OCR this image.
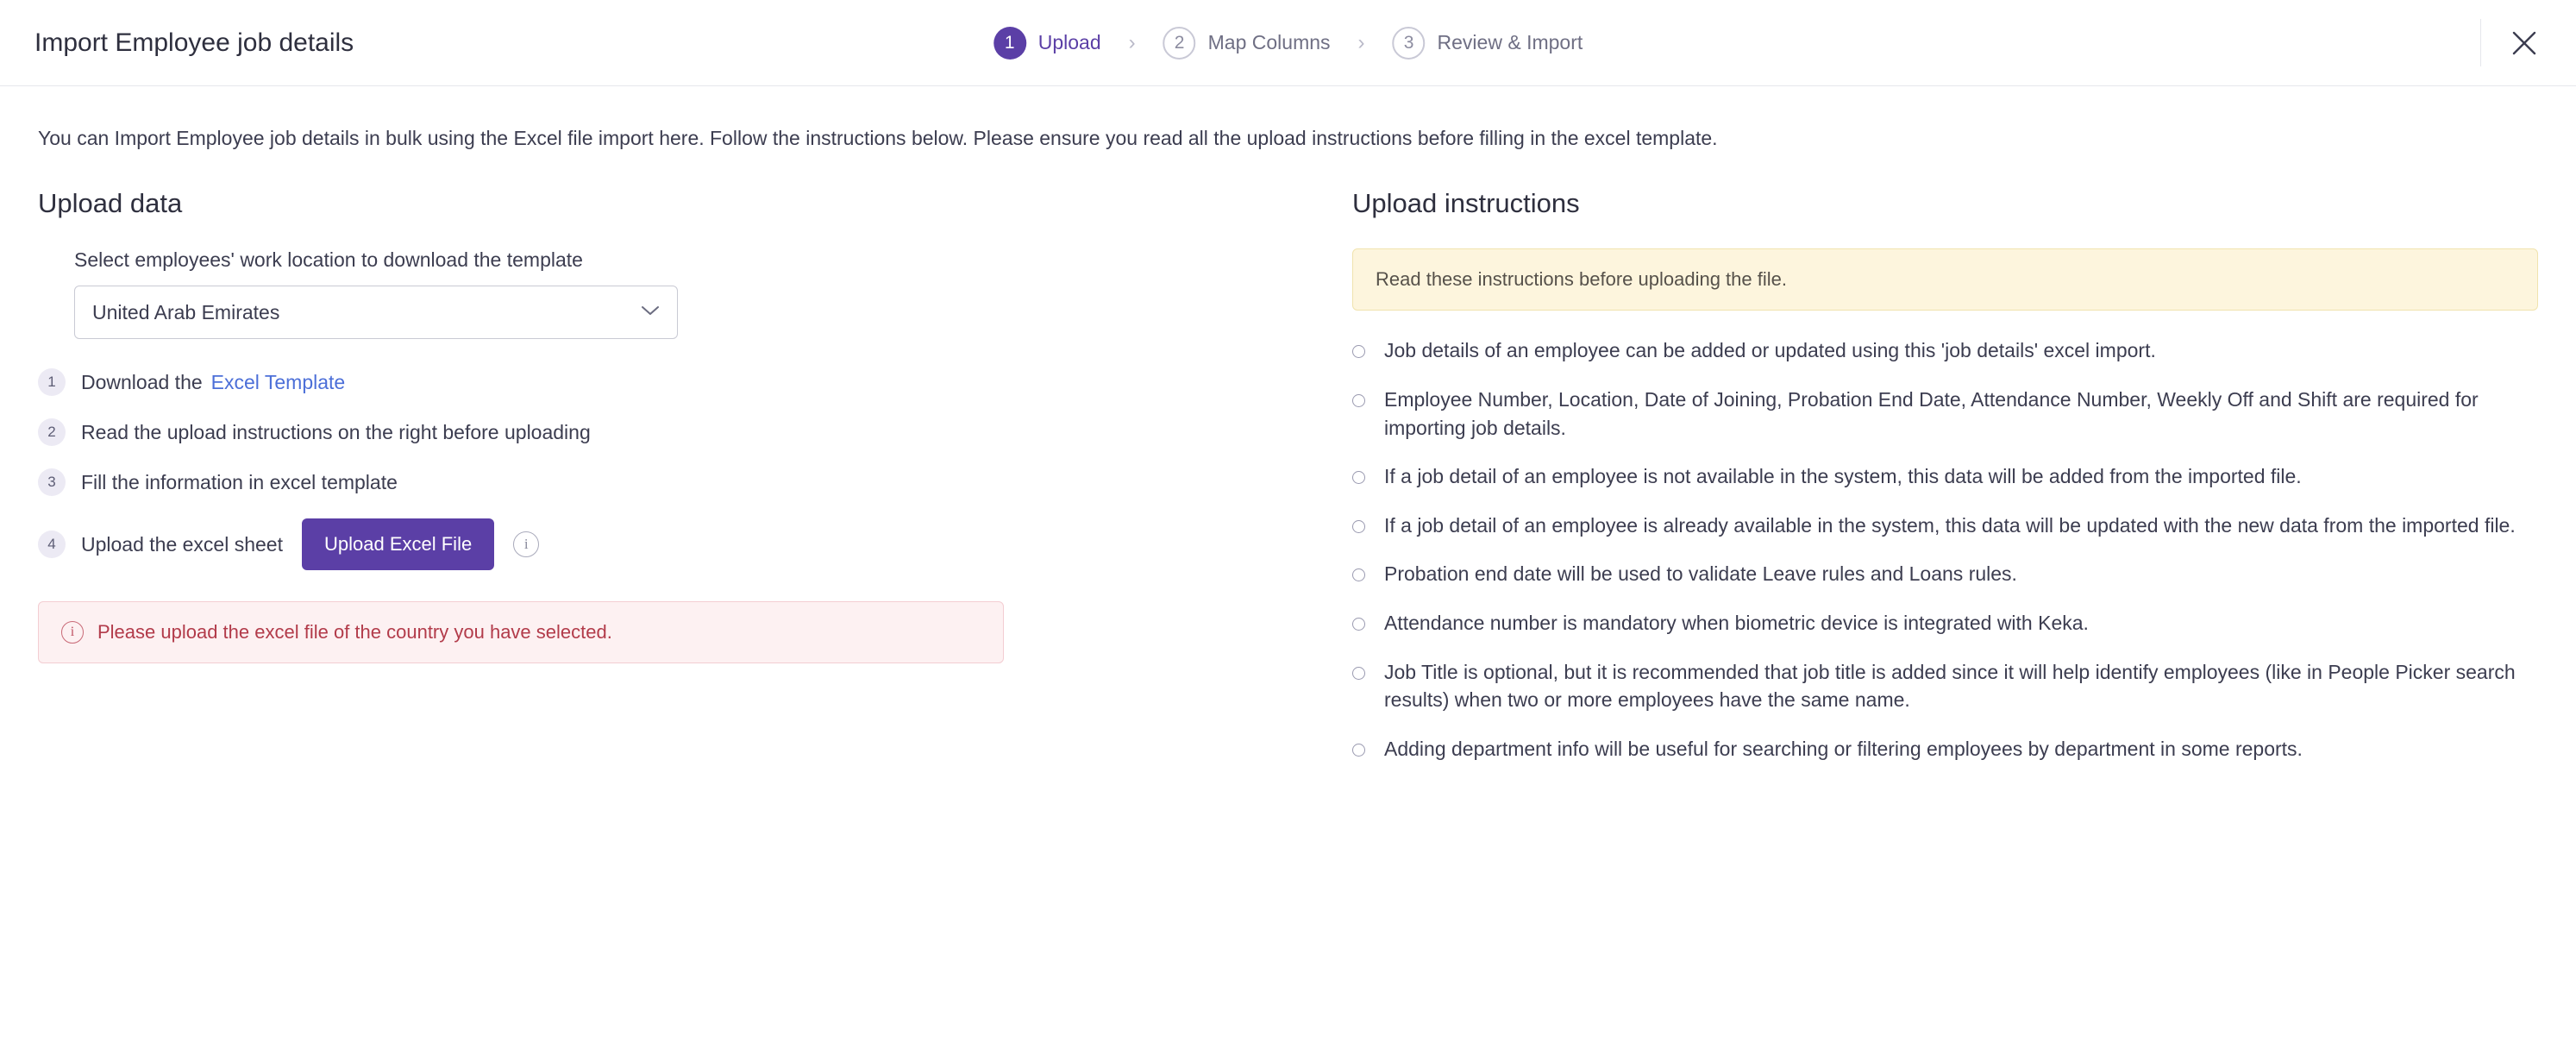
Import Employee job details	1	Upload ›	2	Map Columns ›	3	Review & Import
You can Import Employee job details in bulk using the Excel file import here. Follow the instructions below. Please ensure you read all the upload instructions before filling in the excel template.
Upload data
Select employees' work location to download the template
United Arab Emirates
1	Download the Excel Template
2	Read the upload instructions on the right before uploading
3	Fill the information in excel template
4	Upload the excel sheet	Upload Excel File	i
i	Please upload the excel file of the country you have selected.
Upload instructions
Read these instructions before uploading the file.
Job details of an employee can be added or updated using this 'job details' excel import.
Employee Number, Location, Date of Joining, Probation End Date, Attendance Number, Weekly Off and Shift are required for importing job details.
If a job detail of an employee is not available in the system, this data will be added from the imported file.
If a job detail of an employee is already available in the system, this data will be updated with the new data from the imported file.
Probation end date will be used to validate Leave rules and Loans rules.
Attendance number is mandatory when biometric device is integrated with Keka.
Job Title is optional, but it is recommended that job title is added since it will help identify employees (like in People Picker search results) when two or more employees have the same name.
Adding department info will be useful for searching or filtering employees by department in some reports.
